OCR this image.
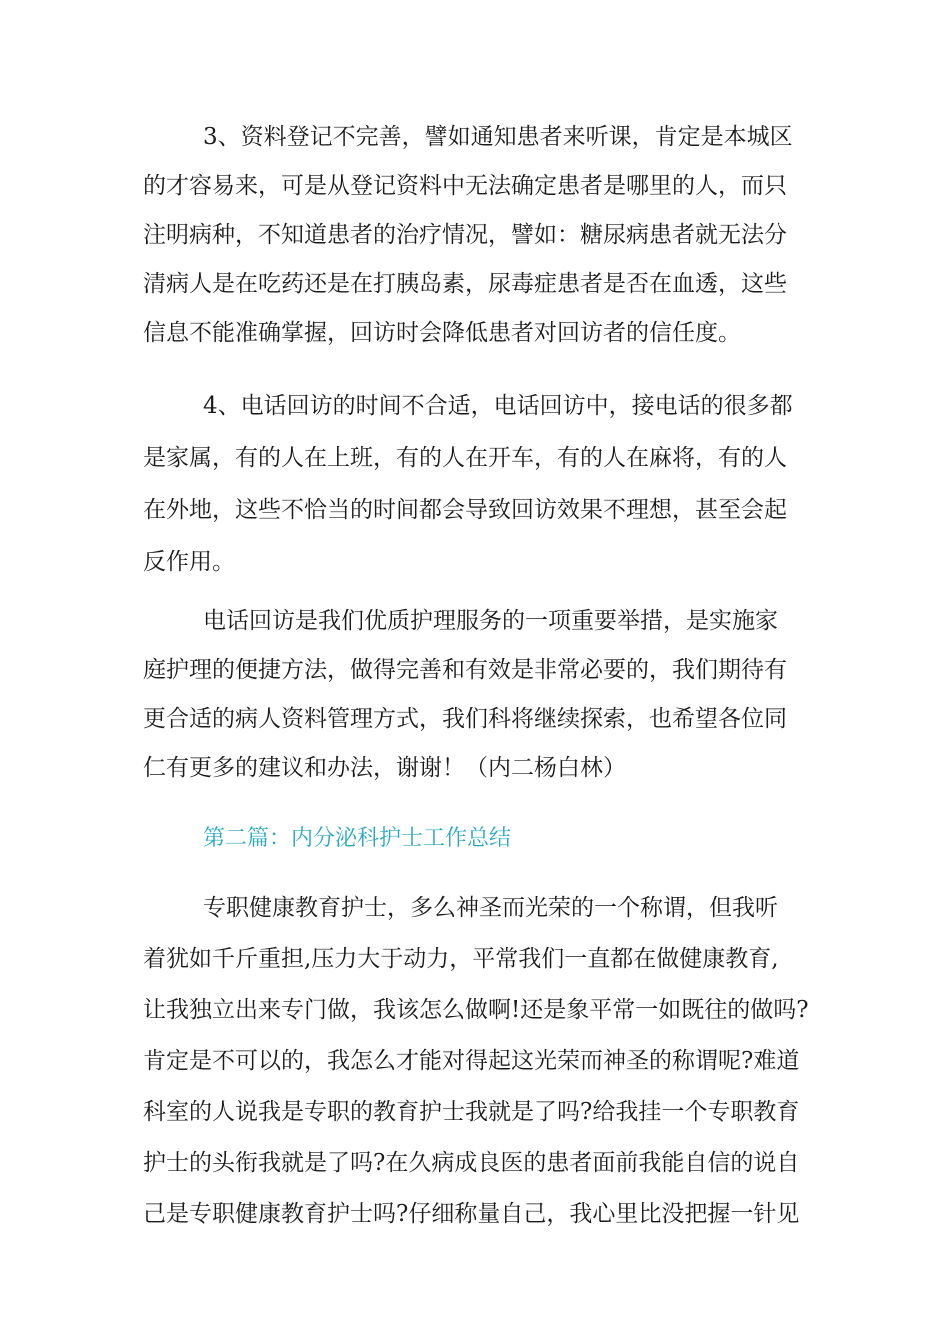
3、资料登记不完善，譬如通知患者来听课，肯定是本城区
的才容易来，可是从登记资料中无法确定患者是哪里的人，而只
注明病种，不知道患者的治疗情况，譬如：糖尿病患者就无法分
清病人是在吃药还是在打胰岛素，尿毒症患者是否在血透，这些
信息不能准确掌握，回访时会降低患者对回访者的信任度。
4、电话回访的时间不合适，电话回访中，接电话的很多都
是家属，有的人在上班，有的人在开车，有的人在麻将，有的人
在外地，这些不恰当的时间都会导致回访效果不理想，甚至会起
反作用。
电话回访是我们优质护理服务的一项重要举措，是实施家
庭护理的便捷方法，做得完善和有效是非常必要的，我们期待有
更合适的病人资料管理方式，我们科将继续探索，也希望各位同
仁有更多的建议和办法，谢谢！（内二杨白林）
第二篇：内分泌科护士工作总结
专职健康教育护士，多么神圣而光荣的一个称谓，但我听
着犹如千斤重担,压力大于动力，平常我们一直都在做健康教育,
让我独立出来专门做，我该怎么做啊!还是象平常一如既往的做吗?
肯定是不可以的，我怎么才能对得起这光荣而神圣的称谓呢?难道
科室的人说我是专职的教育护士我就是了吗?给我挂一个专职教育
护士的头衔我就是了吗?在久病成良医的患者面前我能自信的说自
己是专职健康教育护士吗?仔细称量自己，我心里比没把握一针见
